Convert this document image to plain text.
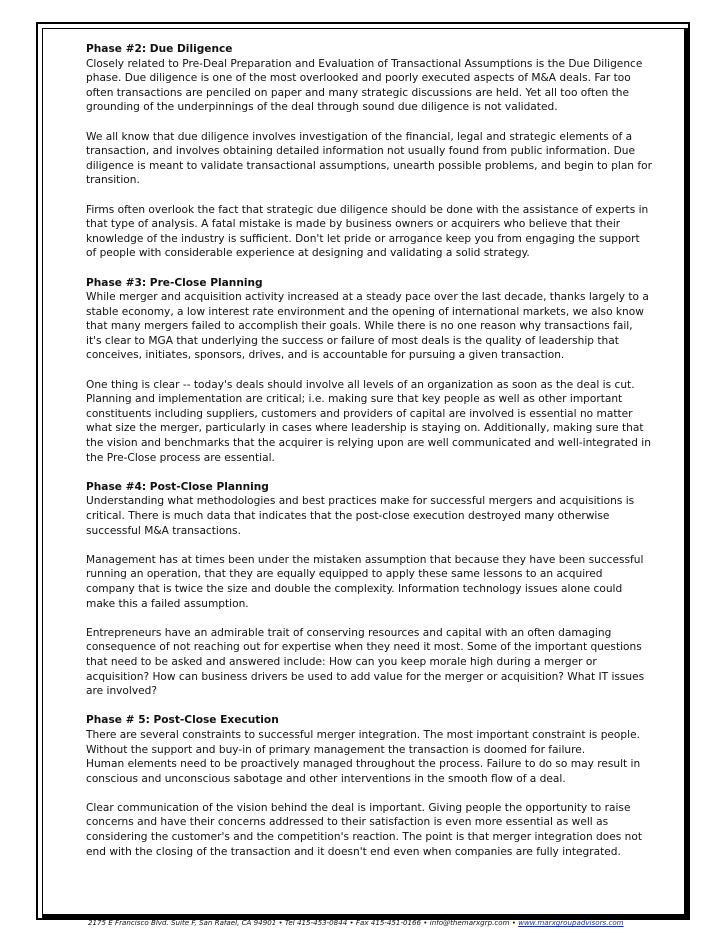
Phase #2: Due Diligence
Closely related to Pre-Deal Preparation and Evaluation of Transactional Assumptions is the Due Diligence
phase. Due diligence is one of the most overlooked and poorly executed aspects of M&A deals. Far too
often transactions are penciled on paper and many strategic discussions are held. Yet all too often the
grounding of the underpinnings of the deal through sound due diligence is not validated.
We all know that due diligence involves investigation of the financial, legal and strategic elements of a
transaction, and involves obtaining detailed information not usually found from public information. Due
diligence is meant to validate transactional assumptions, unearth possible problems, and begin to plan for
transition.
Firms often overlook the fact that strategic due diligence should be done with the assistance of experts in
that type of analysis. A fatal mistake is made by business owners or acquirers who believe that their
knowledge of the industry is sufficient. Don't let pride or arrogance keep you from engaging the support
of people with considerable experience at designing and validating a solid strategy.
Phase #3: Pre-Close Planning
While merger and acquisition activity increased at a steady pace over the last decade, thanks largely to a
stable economy, a low interest rate environment and the opening of international markets, we also know
that many mergers failed to accomplish their goals. While there is no one reason why transactions fail,
it's clear to MGA that underlying the success or failure of most deals is the quality of leadership that
conceives, initiates, sponsors, drives, and is accountable for pursuing a given transaction.
One thing is clear -- today's deals should involve all levels of an organization as soon as the deal is cut.
Planning and implementation are critical; i.e. making sure that key people as well as other important
constituents including suppliers, customers and providers of capital are involved is essential no matter
what size the merger, particularly in cases where leadership is staying on. Additionally, making sure that
the vision and benchmarks that the acquirer is relying upon are well communicated and well-integrated in
the Pre-Close process are essential.
Phase #4: Post-Close Planning
Understanding what methodologies and best practices make for successful mergers and acquisitions is
critical. There is much data that indicates that the post-close execution destroyed many otherwise
successful M&A transactions.
Management has at times been under the mistaken assumption that because they have been successful
running an operation, that they are equally equipped to apply these same lessons to an acquired
company that is twice the size and double the complexity. Information technology issues alone could
make this a failed assumption.
Entrepreneurs have an admirable trait of conserving resources and capital with an often damaging
consequence of not reaching out for expertise when they need it most. Some of the important questions
that need to be asked and answered include: How can you keep morale high during a merger or
acquisition? How can business drivers be used to add value for the merger or acquisition? What IT issues
are involved?
Phase # 5: Post-Close Execution
There are several constraints to successful merger integration. The most important constraint is people.
Without the support and buy-in of primary management the transaction is doomed for failure.
Human elements need to be proactively managed throughout the process. Failure to do so may result in
conscious and unconscious sabotage and other interventions in the smooth flow of a deal.
Clear communication of the vision behind the deal is important. Giving people the opportunity to raise
concerns and have their concerns addressed to their satisfaction is even more essential as well as
considering the customer's and the competition's reaction. The point is that merger integration does not
end with the closing of the transaction and it doesn't end even when companies are fully integrated.
2175 E Francisco Blvd. Suite F, San Rafael, CA 94901 • Tel 415-453-0844 • Fax 415-451-0166 • info@themarxgrp.com • www.marxgroupadvisors.com
